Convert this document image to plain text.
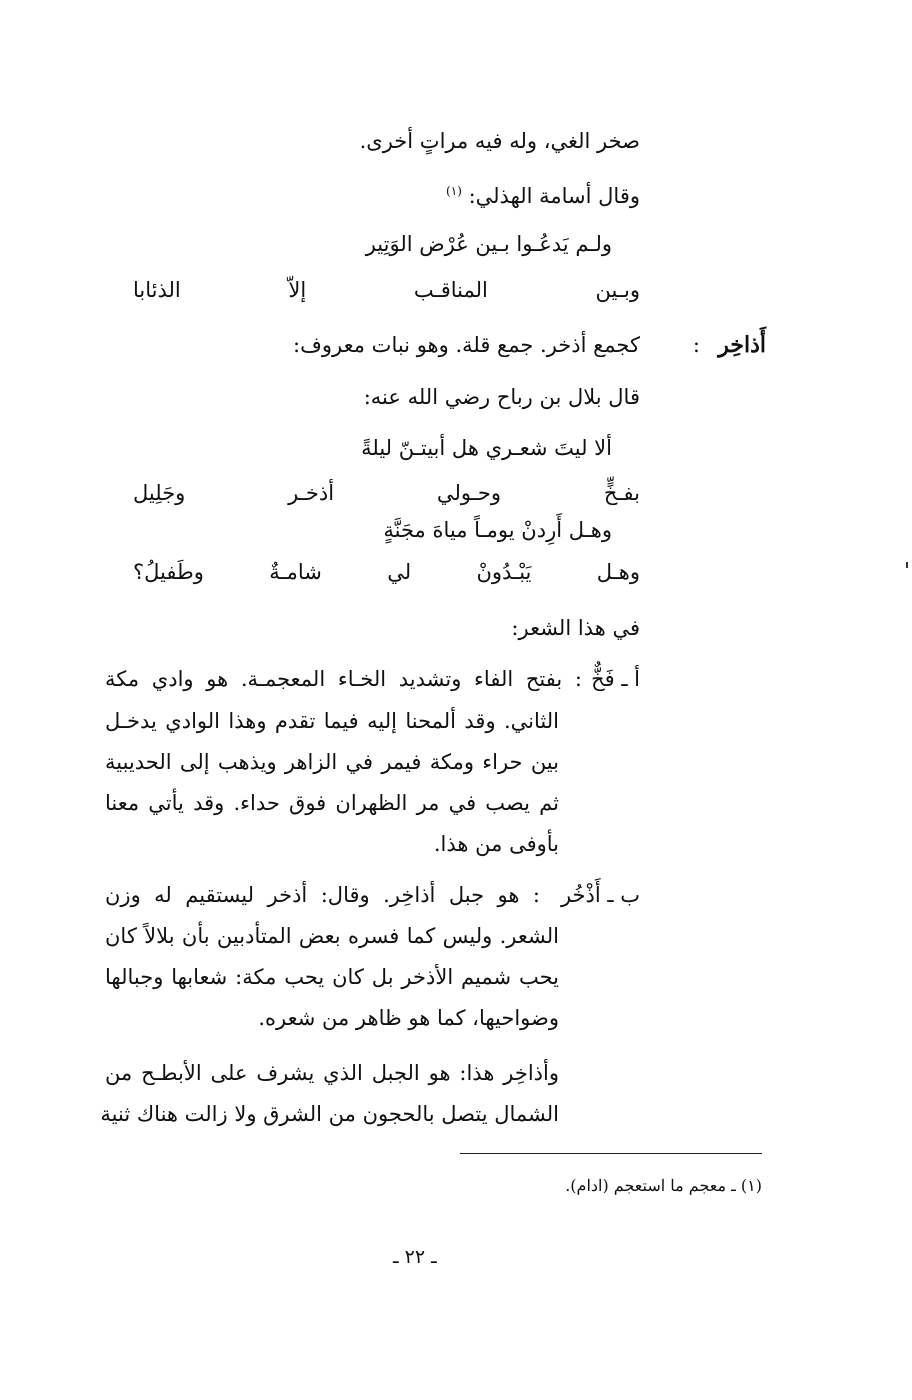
صخر الغي، وله فيه مراتٍ أخرى.
وقال أسامة الهذلي: $^{(١)}$
ولـم يَدعُـوا بـين عُرْض الوَتِير
وبـين المناقـب إلاّ الذئابا
أَذاخِر
:
كجمع أذخر. جمع قلة. وهو نبات معروف:
قال بلال بن رباح رضي الله عنه:
ألا ليتَ شعـري هل أبيتـنّ ليلةً
بفـخٍّ وحـولي أذخـر وجَلِيل
وهـل أَرِدنْ يومـاً مياهَ مجَنَّةٍ
وهـل يَبْـدُونْ لي شامـةٌ وطَفيلُ؟
في هذا الشعر:
أ ـ فَخٌّ
: بفتح الفاء وتشديد الخـاء المعجمـة. هو وادي مكة
الثاني. وقد ألمحنا إليه فيما تقدم وهذا الوادي يدخـل
بين حراء ومكة فيمر في الزاهر ويذهب إلى الحديبية
ثم يصب في مر الظهران فوق حداء. وقد يأتي معنا
بأوفى من هذا.
ب ـ أَذْخُر
: هو جبل أذاخِر. وقال: أذخر ليستقيم له وزن
الشعر. وليس كما فسره بعض المتأدبين بأن بلالاً كان
يحب شميم الأذخر بل كان يحب مكة: شعابها وجبالها
وضواحيها، كما هو ظاهر من شعره.
وأذاخِر هذا: هو الجبل الذي يشرف على الأبطـح من
الشمال يتصل بالحجون من الشرق ولا زالت هناك ثنية
(١) ـ معجم ما استعجم (ادام).
ـ ٢٢ ـ
